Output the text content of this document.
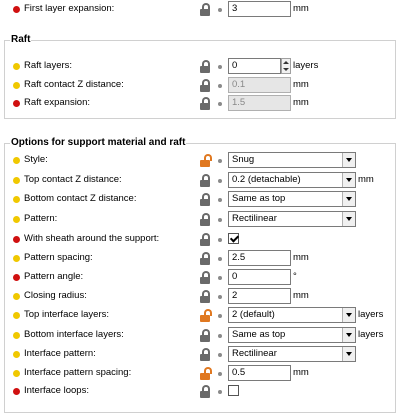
First layer expansion:	3	mm
Raft
Raft layers:	0	layers
Raft contact Z distance:	0.1	mm
Raft expansion:	1.5	mm
Options for support material and raft
Style:	Snug
Top contact Z distance:	0.2 (detachable)	mm
Bottom contact Z distance:	Same as top
Pattern:	Rectilinear
With sheath around the support:
Pattern spacing:	2.5	mm
Pattern angle:	0	°
Closing radius:	2	mm
Top interface layers:	2 (default)	layers
Bottom interface layers:	Same as top	layers
Interface pattern:	Rectilinear
Interface pattern spacing:	0.5	mm
Interface loops:
